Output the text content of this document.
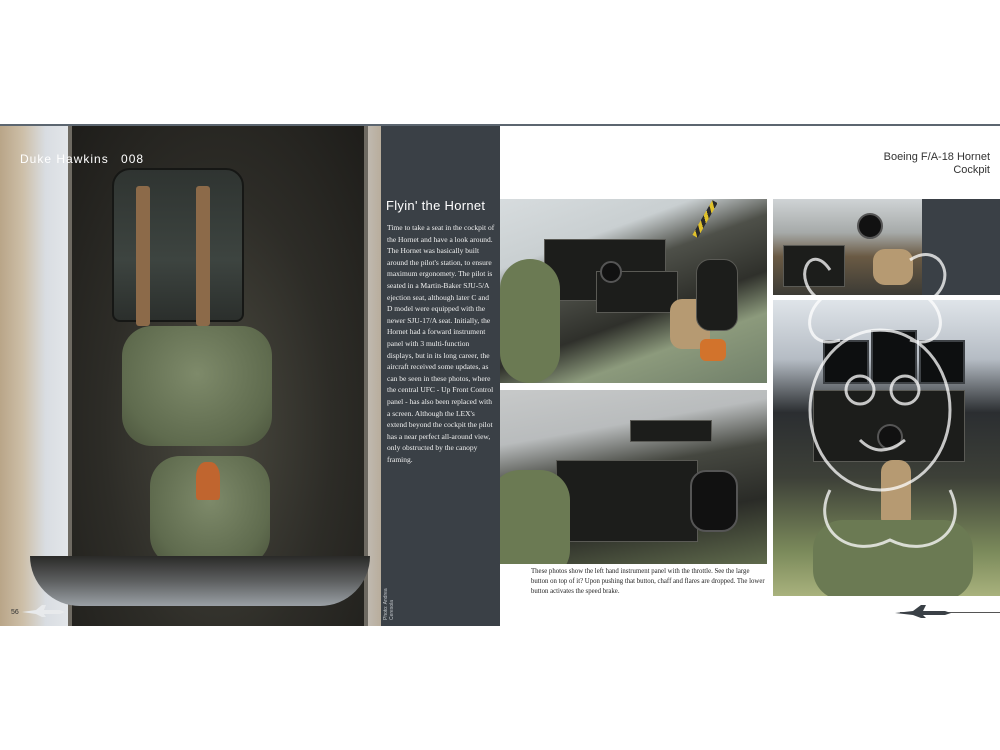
Duke Hawkins 008
56
Flyin' the Hornet
Time to take a seat in the cockpit of the Hornet and have a look around. The Hornet was basically built around the pilot's station, to ensure maximum ergonomety. The pilot is seated in a Martin-Baker SJU-5/A ejection seat, although later C and D model were equipped with the newer SJU-17/A seat. Initially, the Hornet had a forward instrument panel with 3 multi-function displays, but in its long career, the aircraft received some updates, as can be seen in these photos, where the central UFC - Up Front Control panel - has also been replaced with a screen. Although the LEX's extend beyond the cockpit the pilot has a near perfect all-around view, only obstructed by the canopy framing.
Photo: Andrea Ceresola
Boeing F/A-18 Hornet
Cockpit
These photos show the left hand instrument panel with the throttle. See the large button on top of it? Upon pushing that button, chaff and flares are dropped. The lower button activates the speed brake.
